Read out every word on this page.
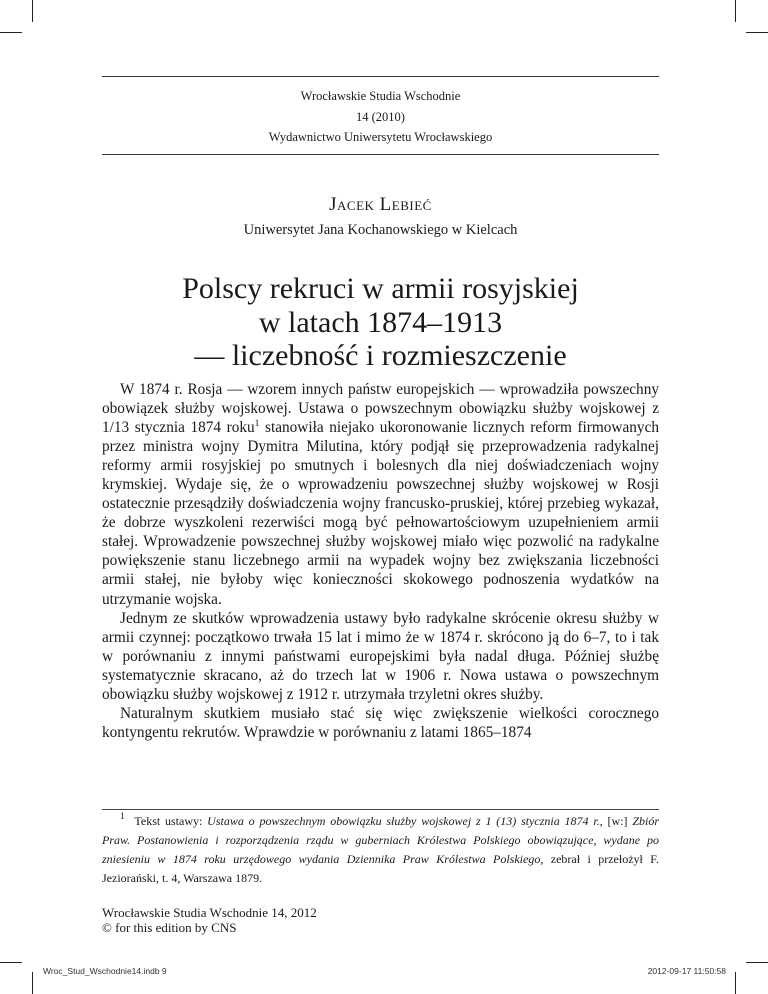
Wrocławskie Studia Wschodnie
14 (2010)
Wydawnictwo Uniwersytetu Wrocławskiego
Jacek Lebieć
Uniwersytet Jana Kochanowskiego w Kielcach
Polscy rekruci w armii rosyjskiej
w latach 1874–1913
— liczebność i rozmieszczenie

W 1874 r. Rosja — wzorem innych państw europejskich — wprowadziła powszechny obowiązek służby wojskowej. Ustawa o powszechnym obowiązku służby wojskowej z 1/13 stycznia 1874 roku$^1$ stanowiła niejako ukoronowanie licznych reform firmowanych przez ministra wojny Dymitra Milutina, który podjął się przeprowadzenia radykalnej reformy armii rosyjskiej po smutnych i bolesnych dla niej doświadczeniach wojny krymskiej. Wydaje się, że o wprowadzeniu powszechnej służby wojskowej w Rosji ostatecznie przesądziły doświadczenia wojny francusko-pruskiej, której przebieg wykazał, że dobrze wyszkoleni rezerwiści mogą być pełnowartościowym uzupełnieniem armii stałej. Wprowadzenie powszechnej służby wojskowej miało więc pozwolić na radykalne powiększenie stanu liczebnego armii na wypadek wojny bez zwiększania liczebności armii stałej, nie byłoby więc konieczności skokowego podnoszenia wydatków na utrzymanie wojska.

Jednym ze skutków wprowadzenia ustawy było radykalne skrócenie okresu służby w armii czynnej: początkowo trwała 15 lat i mimo że w 1874 r. skrócono ją do 6–7, to i tak w porównaniu z innymi państwami europejskimi była nadal długa. Później służbę systematycznie skracano, aż do trzech lat w 1906 r. Nowa ustawa o powszechnym obowiązku służby wojskowej z 1912 r. utrzymała trzyletni okres służby.

Naturalnym skutkiem musiało stać się więc zwiększenie wielkości corocznego kontyngentu rekrutów. Wprawdzie w porównaniu z latami 1865–1874

$^1$ Tekst ustawy: Ustawa o powszechnym obowiązku służby wojskowej z 1 (13) stycznia 1874 r., [w:] Zbiór Praw. Postanowienia i rozporządzenia rządu w guberniach Królestwa Polskiego obowiązujące, wydane po zniesieniu w 1874 roku urzędowego wydania Dziennika Praw Królestwa Polskiego, zebrał i przełożył F. Jeziorański, t. 4, Warszawa 1879.

Wrocławskie Studia Wschodnie 14, 2012
© for this edition by CNS
Wroc_Stud_Wschodnie14.indb 9	2012-09-17 11:50:58
